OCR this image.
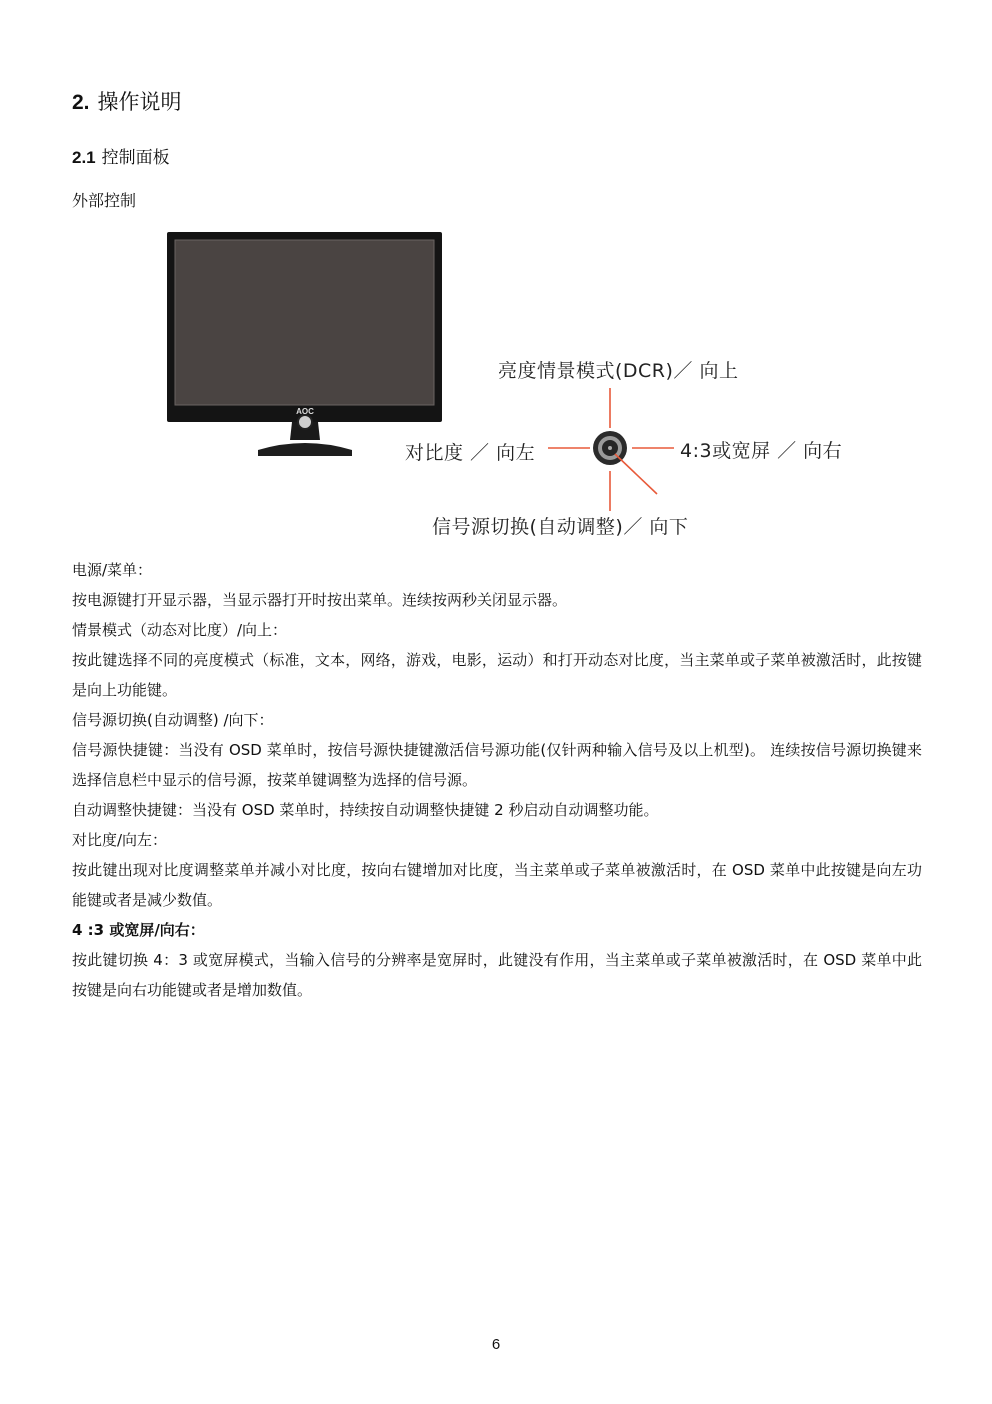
2. 操作说明
2.1 控制面板
外部控制
AOC
亮度情景模式(DCR)／ 向上
对比度 ／ 向左	4:3或宽屏 ／ 向右
信号源切换(自动调整)／ 向下

电源/菜单：

按电源键打开显示器，当显示器打开时按出菜单。连续按两秒关闭显示器。

情景模式（动态对比度）/向上：

按此键选择不同的亮度模式（标准，文本，网络，游戏，电影，运动）和打开动态对比度，当主菜单或子菜单被激活时，此按键是向上功能键。

信号源切换(自动调整) /向下：

信号源快捷键：当没有 OSD 菜单时，按信号源快捷键激活信号源功能(仅针两种输入信号及以上机型)。 连续按信号源切换键来选择信息栏中显示的信号源，按菜单键调整为选择的信号源。

自动调整快捷键：当没有 OSD 菜单时，持续按自动调整快捷键 2 秒启动自动调整功能。

对比度/向左：

按此键出现对比度调整菜单并减小对比度，按向右键增加对比度，当主菜单或子菜单被激活时，在 OSD 菜单中此按键是向左功能键或者是减少数值。

4 :3 或宽屏/向右：

按此键切换 4：3 或宽屏模式，当输入信号的分辨率是宽屏时，此键没有作用，当主菜单或子菜单被激活时，在 OSD 菜单中此按键是向右功能键或者是增加数值。

6
